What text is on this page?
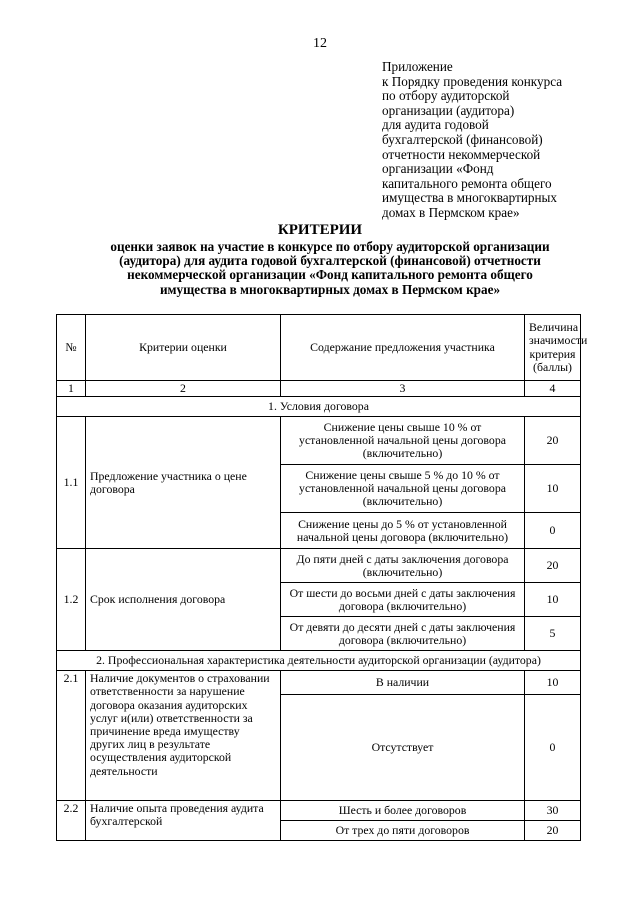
12
Приложение
к Порядку проведения конкурса
по отбору аудиторской
организации (аудитора)
для аудита годовой
бухгалтерской (финансовой)
отчетности некоммерческой
организации «Фонд
капитального ремонта общего
имущества в многоквартирных
домах в Пермском крае»
КРИТЕРИИ
оценки заявок на участие в конкурсе по отбору аудиторской организации
(аудитора) для аудита годовой бухгалтерской (финансовой) отчетности
некоммерческой организации «Фонд капитального ремонта общего
имущества в многоквартирных домах в Пермском крае»
№	Критерии оценки	Содержание предложения участника	Величина значимости критерия (баллы)
1	2	3	4
1. Условия договора			
1.1	Предложение участника о цене договора	Снижение цены свыше 10 % от установленной начальной цены договора (включительно)	20
		Снижение цены свыше 5 % до 10 % от установленной начальной цены договора (включительно)	10
		Снижение цены до 5 % от установленной начальной цены договора (включительно)	0
1.2	Срок исполнения договора	До пяти дней с даты заключения договора (включительно)	20
		От шести до восьми дней с даты заключения договора (включительно)	10
		От девяти до десяти дней с даты заключения договора (включительно)	5
2. Профессиональная характеристика деятельности аудиторской организации (аудитора)			
2.1	Наличие документов о страховании ответственности за нарушение договора оказания аудиторских услуг и(или) ответственности за причинение вреда имуществу других лиц в результате осуществления аудиторской деятельности	В наличии	10
		Отсутствует	0
2.2	Наличие опыта проведения аудита бухгалтерской	Шесть и более договоров	30
		От трех до пяти договоров	20
